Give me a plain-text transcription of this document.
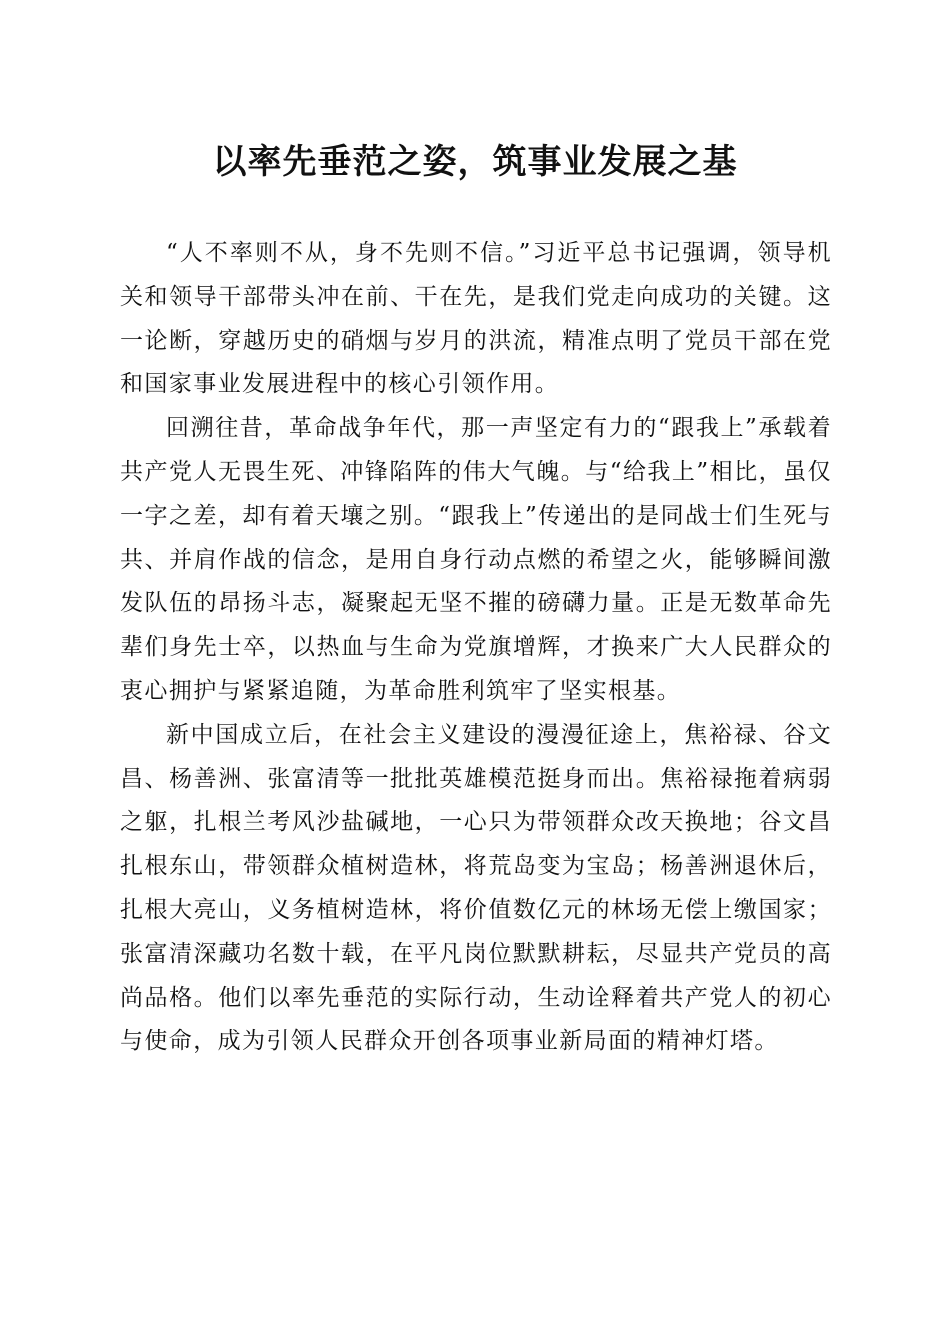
以率先垂范之姿，筑事业发展之基

“人不率则不从，身不先则不信。”习近平总书记强调，领导机关和领导干部带头冲在前、干在先，是我们党走向成功的关键。这一论断，穿越历史的硝烟与岁月的洪流，精准点明了党员干部在党和国家事业发展进程中的核心引领作用。

回溯往昔，革命战争年代，那一声坚定有力的“跟我上”承载着共产党人无畏生死、冲锋陷阵的伟大气魄。与“给我上”相比，虽仅一字之差，却有着天壤之别。“跟我上”传递出的是同战士们生死与共、并肩作战的信念，是用自身行动点燃的希望之火，能够瞬间激发队伍的昂扬斗志，凝聚起无坚不摧的磅礴力量。正是无数革命先辈们身先士卒，以热血与生命为党旗增辉，才换来广大人民群众的衷心拥护与紧紧追随，为革命胜利筑牢了坚实根基。

新中国成立后，在社会主义建设的漫漫征途上，焦裕禄、谷文昌、杨善洲、张富清等一批批英雄模范挺身而出。焦裕禄拖着病弱之躯，扎根兰考风沙盐碱地，一心只为带领群众改天换地；谷文昌扎根东山，带领群众植树造林，将荒岛变为宝岛；杨善洲退休后，扎根大亮山，义务植树造林，将价值数亿元的林场无偿上缴国家；张富清深藏功名数十载，在平凡岗位默默耕耘，尽显共产党员的高尚品格。他们以率先垂范的实际行动，生动诠释着共产党人的初心与使命，成为引领人民群众开创各项事业新局面的精神灯塔。
